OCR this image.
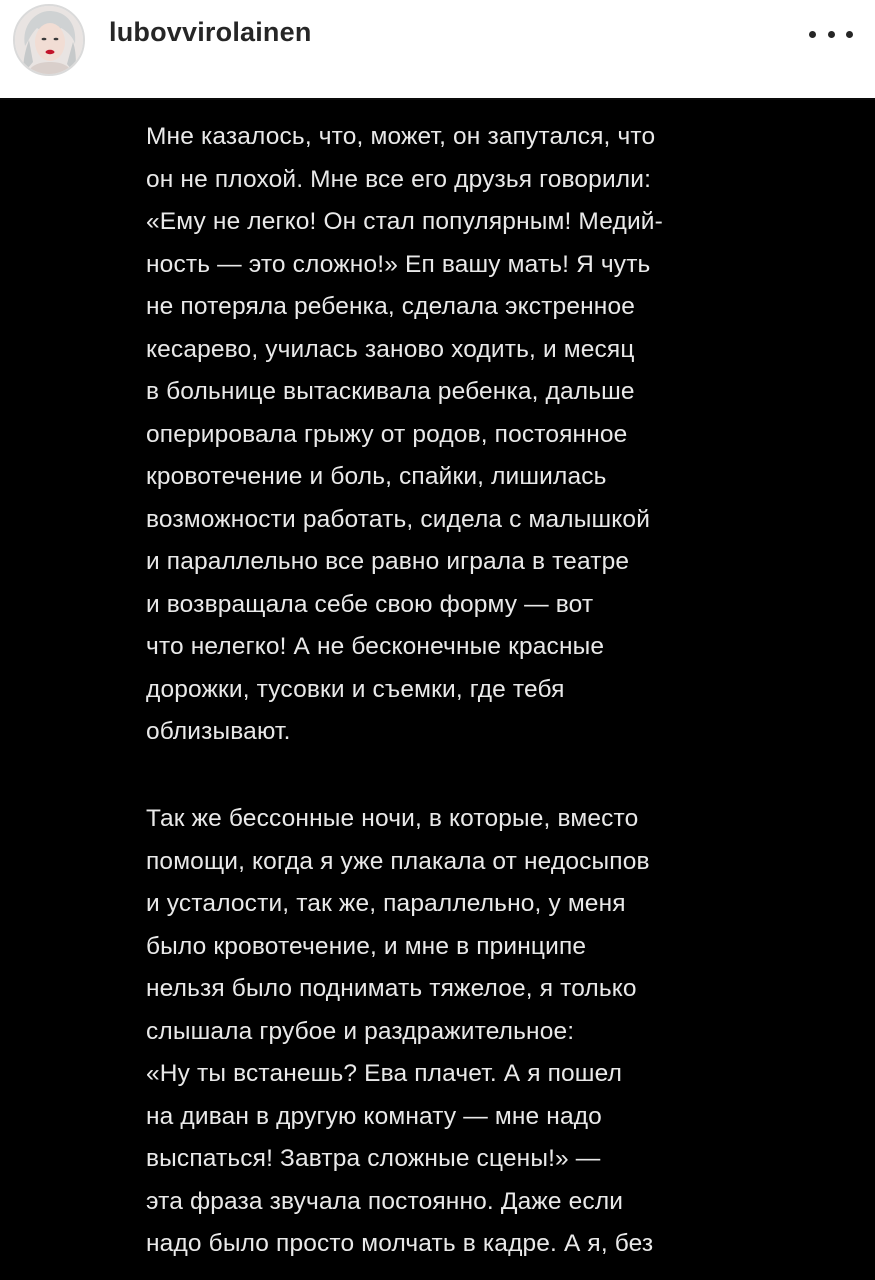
lubovvirolainen
Мне казалось, что, может, он запутался, что
он не плохой. Мне все его друзья говорили:
«Ему не легко! Он стал популярным! Медий-
ность — это сложно!» Еп вашу мать! Я чуть
не потеряла ребенка, сделала экстренное
кесарево, училась заново ходить, и месяц
в больнице вытаскивала ребенка, дальше
оперировала грыжу от родов, постоянное
кровотечение и боль, спайки, лишилась
возможности работать, сидела с малышкой
и параллельно все равно играла в театре
и возвращала себе свою форму — вот
что нелегко! А не бесконечные красные
дорожки, тусовки и съемки, где тебя
облизывают.
Так же бессонные ночи, в которые, вместо
помощи, когда я уже плакала от недосыпов
и усталости, так же, параллельно, у меня
было кровотечение, и мне в принципе
нельзя было поднимать тяжелое, я только
слышала грубое и раздражительное:
«Ну ты встанешь? Ева плачет. А я пошел
на диван в другую комнату — мне надо
выспаться! Завтра сложные сцены!» —
эта фраза звучала постоянно. Даже если
надо было просто молчать в кадре. А я, без
